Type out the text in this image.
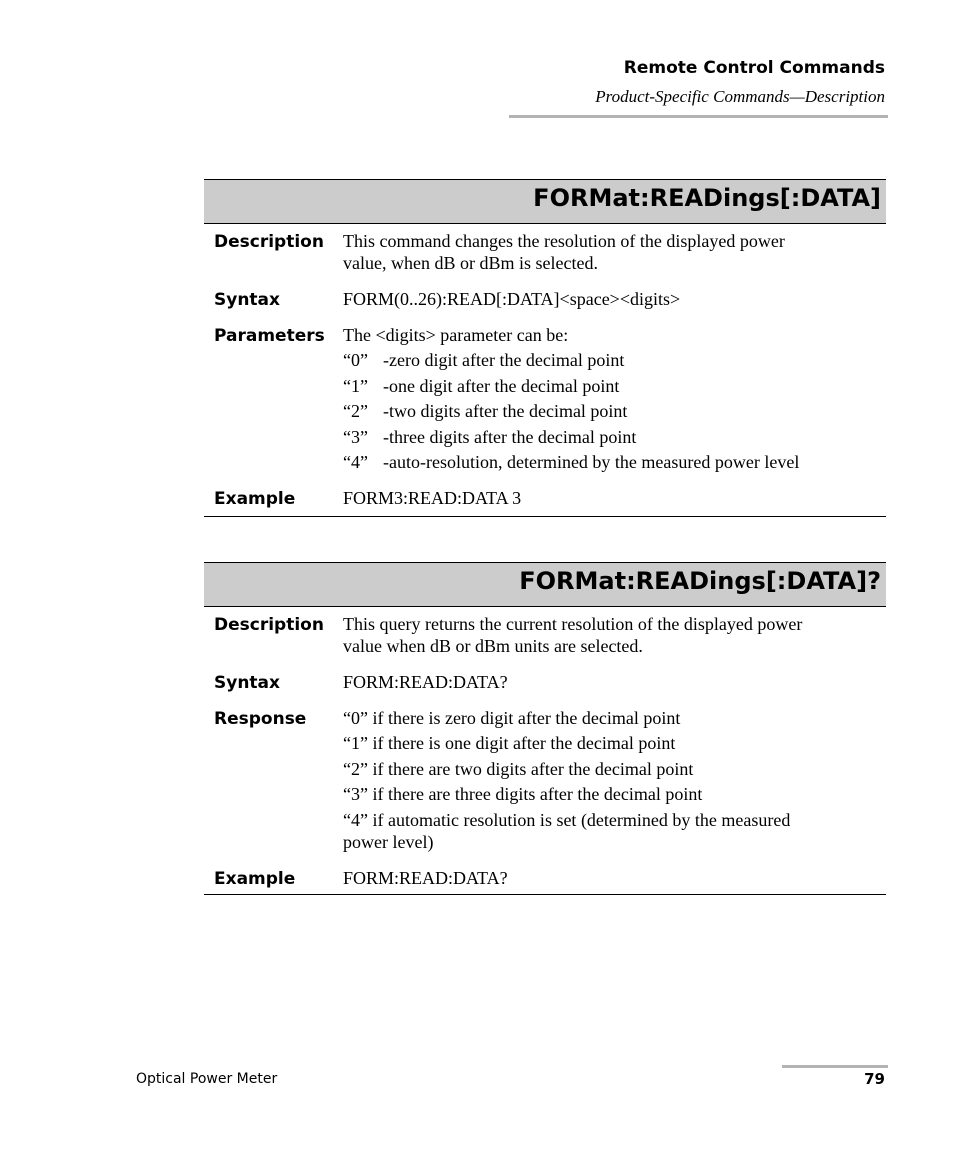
Remote Control Commands
Product-Specific Commands—Description
FORMat:READings[:DATA]
Description This command changes the resolution of the displayed power
value, when dB or dBm is selected.
Syntax	FORM(0..26):READ[:DATA]<space><digits>
Parameters The <digits> parameter can be:
“0” -zero digit after the decimal point
“1” -one digit after the decimal point
“2” -two digits after the decimal point
“3” -three digits after the decimal point
“4” -auto-resolution, determined by the measured power level
Example	FORM3:READ:DATA 3
FORMat:READings[:DATA]?
Description This query returns the current resolution of the displayed power
value when dB or dBm units are selected.
Syntax	FORM:READ:DATA?
Response “0” if there is zero digit after the decimal point
“1” if there is one digit after the decimal point
“2” if there are two digits after the decimal point
“3” if there are three digits after the decimal point
“4” if automatic resolution is set (determined by the measured
power level)
Example	FORM:READ:DATA?
Optical Power Meter	79
